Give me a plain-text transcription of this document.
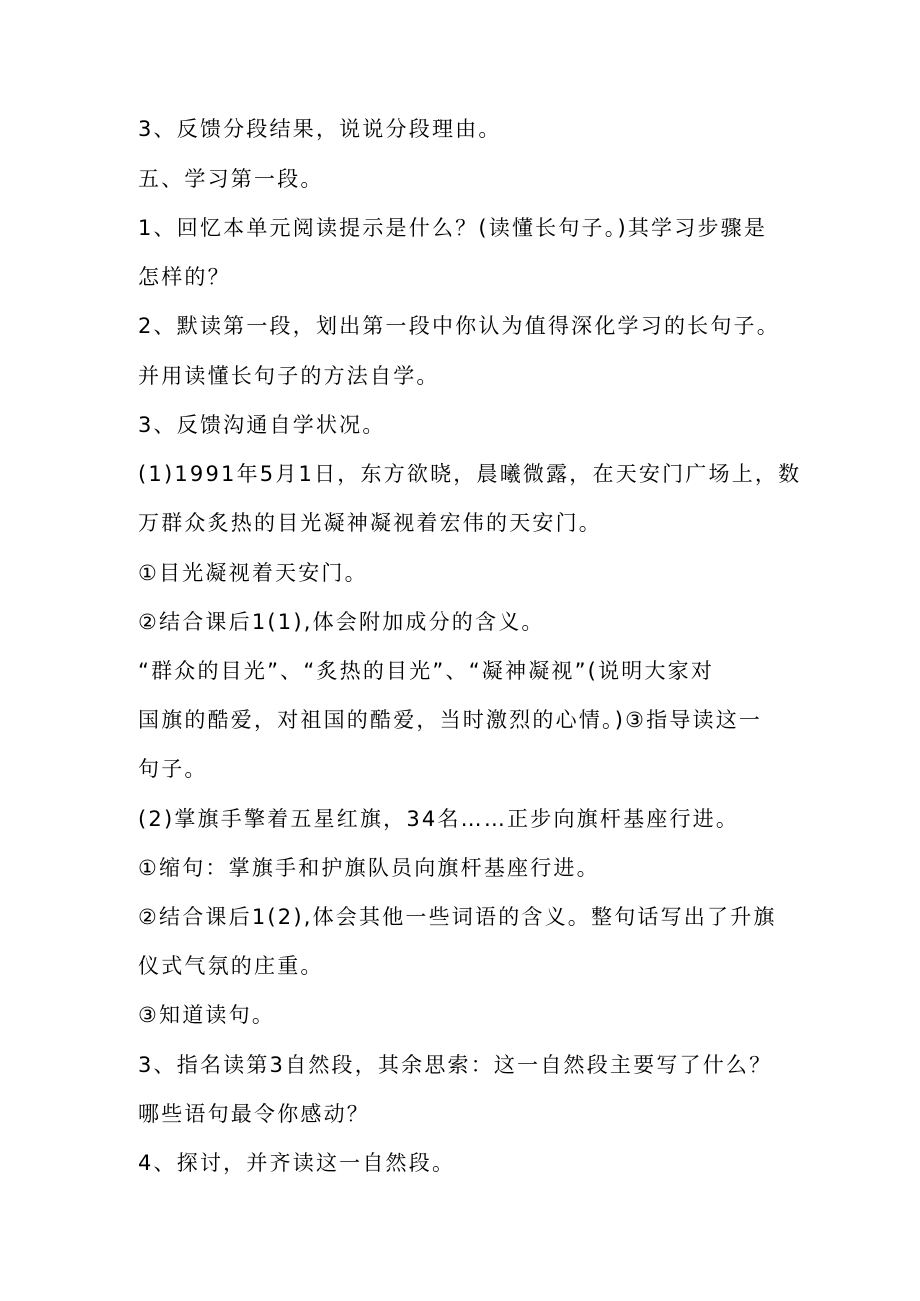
3、反馈分段结果，说说分段理由。
五、学习第一段。
1、回忆本单元阅读提示是什么？(读懂长句子。)其学习步骤是
怎样的？
2、默读第一段，划出第一段中你认为值得深化学习的长句子。
并用读懂长句子的方法自学。
3、反馈沟通自学状况。
(1)1991年5月1日，东方欲晓，晨曦微露，在天安门广场上，数
万群众炙热的目光凝神凝视着宏伟的天安门。
①目光凝视着天安门。
②结合课后1(1),体会附加成分的含义。
“群众的目光”、“炙热的目光”、“凝神凝视”(说明大家对
国旗的酷爱，对祖国的酷爱，当时激烈的心情。)③指导读这一
句子。
(2)掌旗手擎着五星红旗，34名……正步向旗杆基座行进。
①缩句：掌旗手和护旗队员向旗杆基座行进。
②结合课后1(2),体会其他一些词语的含义。整句话写出了升旗
仪式气氛的庄重。
③知道读句。
3、指名读第3自然段，其余思索：这一自然段主要写了什么？
哪些语句最令你感动？
4、探讨，并齐读这一自然段。
